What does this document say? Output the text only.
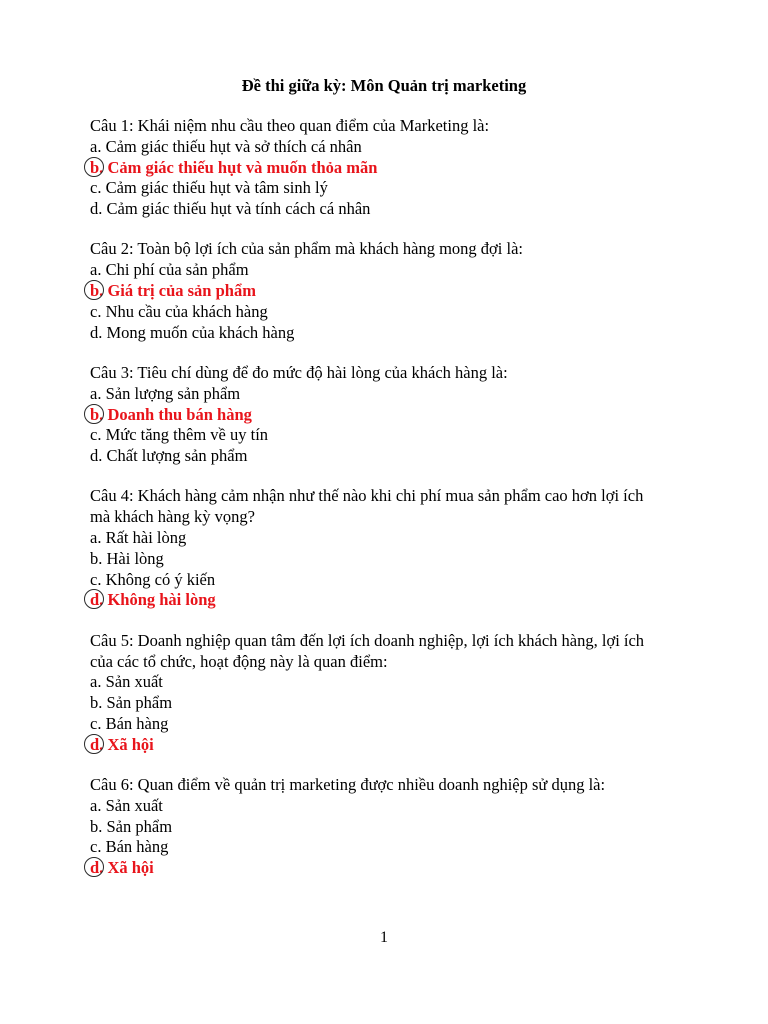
Đề thi giữa kỳ: Môn Quản trị marketing
Câu 1: Khái niệm nhu cầu theo quan điểm của Marketing là:
a. Cảm giác thiếu hụt và sở thích cá nhân
b. Cảm giác thiếu hụt và muốn thỏa mãn
c. Cảm giác thiếu hụt và tâm sinh lý
d. Cảm giác thiếu hụt và tính cách cá nhân
Câu 2: Toàn bộ lợi ích của sản phẩm mà khách hàng mong đợi là:
a. Chi phí của sản phẩm
b. Giá trị của sản phẩm
c. Nhu cầu của khách hàng
d. Mong muốn của khách hàng
Câu 3: Tiêu chí dùng để đo mức độ hài lòng của khách hàng là:
a. Sản lượng sản phẩm
b. Doanh thu bán hàng
c. Mức tăng thêm về uy tín
d. Chất lượng sản phẩm
Câu 4: Khách hàng cảm nhận như thế nào khi chi phí mua sản phẩm cao hơn lợi ích
mà khách hàng kỳ vọng?
a. Rất hài lòng
b. Hài lòng
c. Không có ý kiến
d. Không hài lòng
Câu 5: Doanh nghiệp quan tâm đến lợi ích doanh nghiệp, lợi ích khách hàng, lợi ích
của các tổ chức, hoạt động này là quan điểm:
a. Sản xuất
b. Sản phẩm
c. Bán hàng
d. Xã hội
Câu 6: Quan điểm về quản trị marketing được nhiều doanh nghiệp sử dụng là:
a. Sản xuất
b. Sản phẩm
c. Bán hàng
d. Xã hội
1
